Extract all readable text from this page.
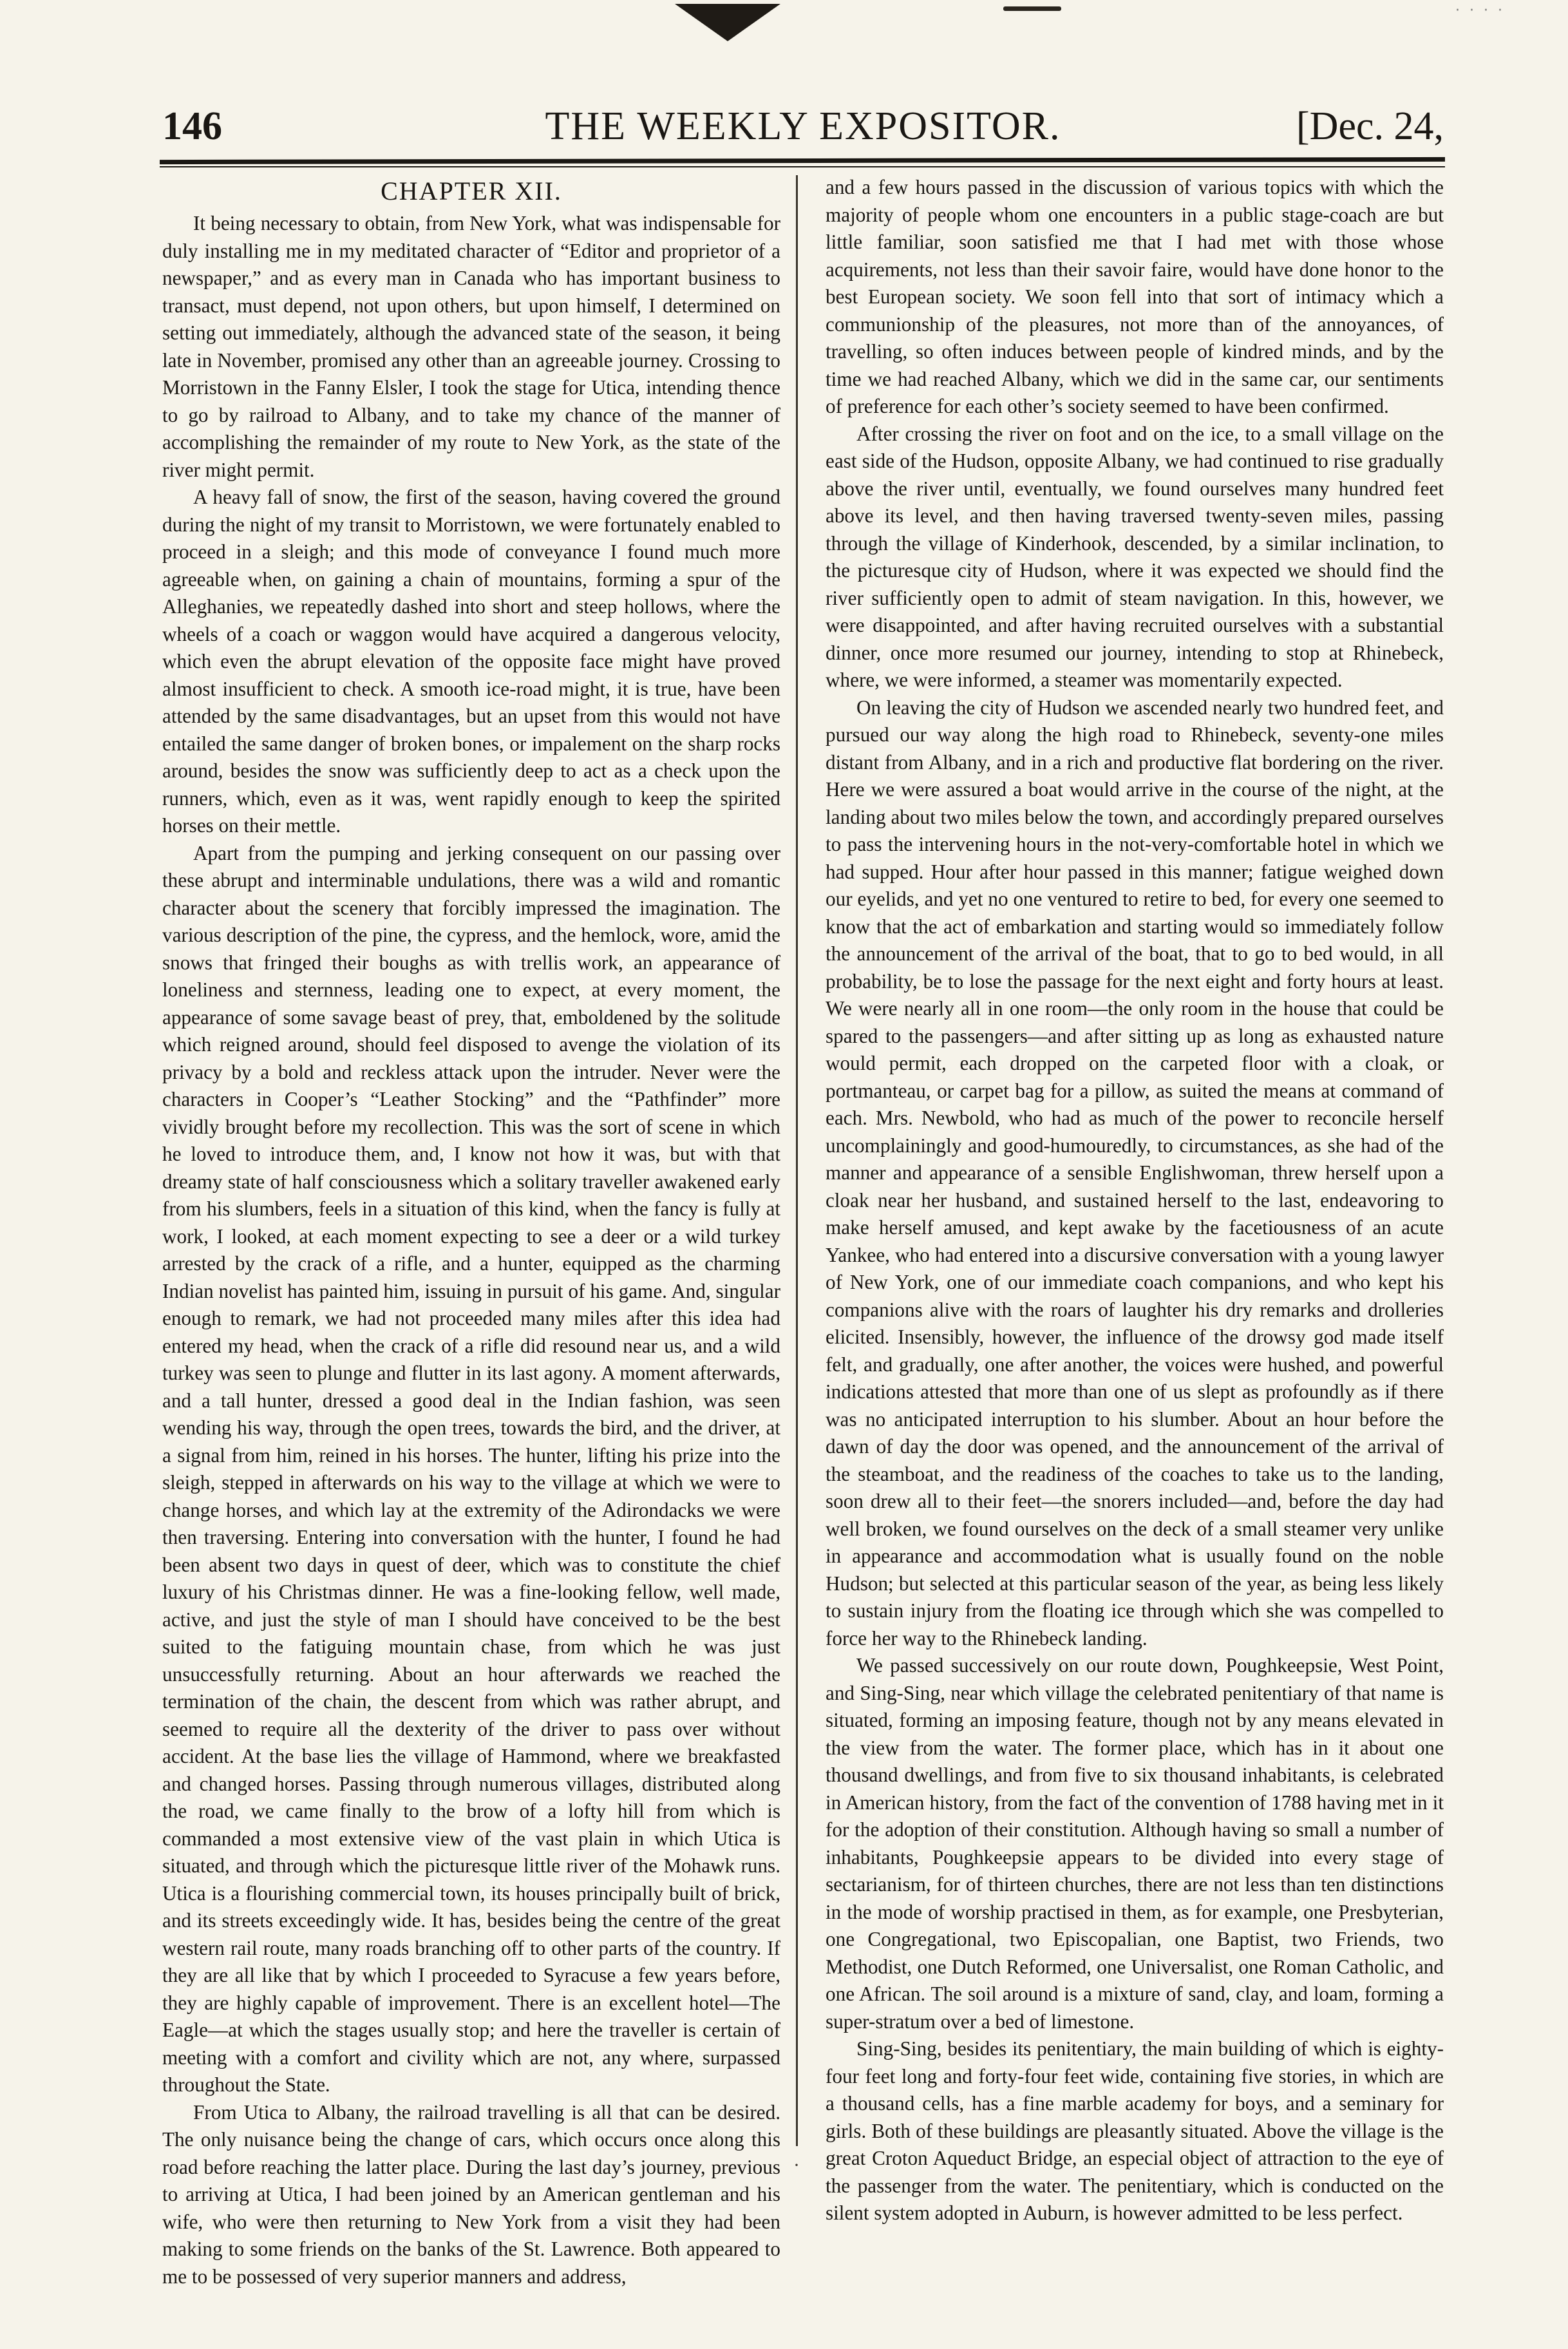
· · · ·
146	THE WEEKLY EXPOSITOR.	[Dec. 24,
CHAPTER XII.

It being necessary to obtain, from New York, what was indispensable for duly installing me in my meditated character of “Editor and proprietor of a newspaper,” and as every man in Canada who has important business to transact, must depend, not upon others, but upon himself, I determined on setting out immediately, although the advanced state of the season, it being late in November, promised any other than an agreeable journey. Crossing to Morristown in the Fanny Elsler, I took the stage for Utica, intending thence to go by railroad to Albany, and to take my chance of the manner of accomplishing the remainder of my route to New York, as the state of the river might permit.

A heavy fall of snow, the first of the season, having covered the ground during the night of my transit to Morristown, we were fortunately enabled to proceed in a sleigh; and this mode of conveyance I found much more agreeable when, on gaining a chain of mountains, forming a spur of the Alleghanies, we repeatedly dashed into short and steep hollows, where the wheels of a coach or waggon would have acquired a dangerous velocity, which even the abrupt elevation of the opposite face might have proved almost insufficient to check. A smooth ice-road might, it is true, have been attended by the same disadvantages, but an upset from this would not have entailed the same danger of broken bones, or impalement on the sharp rocks around, besides the snow was sufficiently deep to act as a check upon the runners, which, even as it was, went rapidly enough to keep the spirited horses on their mettle.

Apart from the pumping and jerking consequent on our passing over these abrupt and interminable undulations, there was a wild and romantic character about the scenery that forcibly impressed the imagination. The various description of the pine, the cypress, and the hemlock, wore, amid the snows that fringed their boughs as with trellis work, an appearance of loneliness and sternness, leading one to expect, at every moment, the appearance of some savage beast of prey, that, emboldened by the solitude which reigned around, should feel disposed to avenge the violation of its privacy by a bold and reckless attack upon the intruder. Never were the characters in Cooper’s “Leather Stocking” and the “Pathfinder” more vividly brought before my recollection. This was the sort of scene in which he loved to introduce them, and, I know not how it was, but with that dreamy state of half consciousness which a solitary traveller awakened early from his slumbers, feels in a situation of this kind, when the fancy is fully at work, I looked, at each moment expecting to see a deer or a wild turkey arrested by the crack of a rifle, and a hunter, equipped as the charming Indian novelist has painted him, issuing in pursuit of his game. And, singular enough to remark, we had not proceeded many miles after this idea had entered my head, when the crack of a rifle did resound near us, and a wild turkey was seen to plunge and flutter in its last agony. A moment afterwards, and a tall hunter, dressed a good deal in the Indian fashion, was seen wending his way, through the open trees, towards the bird, and the driver, at a signal from him, reined in his horses. The hunter, lifting his prize into the sleigh, stepped in afterwards on his way to the village at which we were to change horses, and which lay at the extremity of the Adirondacks we were then traversing. Entering into conversation with the hunter, I found he had been absent two days in quest of deer, which was to constitute the chief luxury of his Christmas dinner. He was a fine-looking fellow, well made, active, and just the style of man I should have conceived to be the best suited to the fatiguing mountain chase, from which he was just unsuccessfully returning. About an hour afterwards we reached the termination of the chain, the descent from which was rather abrupt, and seemed to require all the dexterity of the driver to pass over without accident. At the base lies the village of Hammond, where we breakfasted and changed horses. Passing through numerous villages, distributed along the road, we came finally to the brow of a lofty hill from which is commanded a most extensive view of the vast plain in which Utica is situated, and through which the picturesque little river of the Mohawk runs. Utica is a flourishing commercial town, its houses principally built of brick, and its streets exceedingly wide. It has, besides being the centre of the great western rail route, many roads branching off to other parts of the country. If they are all like that by which I proceeded to Syracuse a few years before, they are highly capable of improvement. There is an excellent hotel—The Eagle—at which the stages usually stop; and here the traveller is certain of meeting with a comfort and civility which are not, any where, surpassed throughout the State.

From Utica to Albany, the railroad travelling is all that can be desired. The only nuisance being the change of cars, which occurs once along this road before reaching the latter place. During the last day’s journey, previous to arriving at Utica, I had been joined by an American gentleman and his wife, who were then returning to New York from a visit they had been making to some friends on the banks of the St. Lawrence. Both appeared to me to be possessed of very superior manners and address,

and a few hours passed in the discussion of various topics with which the majority of people whom one encounters in a public stage-coach are but little familiar, soon satisfied me that I had met with those whose acquirements, not less than their savoir faire, would have done honor to the best European society. We soon fell into that sort of intimacy which a communionship of the pleasures, not more than of the annoyances, of travelling, so often induces between people of kindred minds, and by the time we had reached Albany, which we did in the same car, our sentiments of preference for each other’s society seemed to have been confirmed.

After crossing the river on foot and on the ice, to a small village on the east side of the Hudson, opposite Albany, we had continued to rise gradually above the river until, eventually, we found ourselves many hundred feet above its level, and then having traversed twenty-seven miles, passing through the village of Kinderhook, descended, by a similar inclination, to the picturesque city of Hudson, where it was expected we should find the river sufficiently open to admit of steam navigation. In this, however, we were disappointed, and after having recruited ourselves with a substantial dinner, once more resumed our journey, intending to stop at Rhinebeck, where, we were informed, a steamer was momentarily expected.

On leaving the city of Hudson we ascended nearly two hundred feet, and pursued our way along the high road to Rhinebeck, seventy-one miles distant from Albany, and in a rich and productive flat bordering on the river. Here we were assured a boat would arrive in the course of the night, at the landing about two miles below the town, and accordingly prepared ourselves to pass the intervening hours in the not-very-comfortable hotel in which we had supped. Hour after hour passed in this manner; fatigue weighed down our eyelids, and yet no one ventured to retire to bed, for every one seemed to know that the act of embarkation and starting would so immediately follow the announcement of the arrival of the boat, that to go to bed would, in all probability, be to lose the passage for the next eight and forty hours at least. We were nearly all in one room—the only room in the house that could be spared to the passengers—and after sitting up as long as exhausted nature would permit, each dropped on the carpeted floor with a cloak, or portmanteau, or carpet bag for a pillow, as suited the means at command of each. Mrs. Newbold, who had as much of the power to reconcile herself uncomplainingly and good-humouredly, to circumstances, as she had of the manner and appearance of a sensible Englishwoman, threw herself upon a cloak near her husband, and sustained herself to the last, endeavoring to make herself amused, and kept awake by the facetiousness of an acute Yankee, who had entered into a discursive conversation with a young lawyer of New York, one of our immediate coach companions, and who kept his companions alive with the roars of laughter his dry remarks and drolleries elicited. Insensibly, however, the influence of the drowsy god made itself felt, and gradually, one after another, the voices were hushed, and powerful indications attested that more than one of us slept as profoundly as if there was no anticipated interruption to his slumber. About an hour before the dawn of day the door was opened, and the announcement of the arrival of the steamboat, and the readiness of the coaches to take us to the landing, soon drew all to their feet—the snorers included—and, before the day had well broken, we found ourselves on the deck of a small steamer very unlike in appearance and accommodation what is usually found on the noble Hudson; but selected at this particular season of the year, as being less likely to sustain injury from the floating ice through which she was compelled to force her way to the Rhinebeck landing.

We passed successively on our route down, Poughkeepsie, West Point, and Sing-Sing, near which village the celebrated penitentiary of that name is situated, forming an imposing feature, though not by any means elevated in the view from the water. The former place, which has in it about one thousand dwellings, and from five to six thousand inhabitants, is celebrated in American history, from the fact of the convention of 1788 having met in it for the adoption of their constitution. Although having so small a number of inhabitants, Poughkeepsie appears to be divided into every stage of sectarianism, for of thirteen churches, there are not less than ten distinctions in the mode of worship practised in them, as for example, one Presbyterian, one Congregational, two Episcopalian, one Baptist, two Friends, two Methodist, one Dutch Reformed, one Universalist, one Roman Catholic, and one African. The soil around is a mixture of sand, clay, and loam, forming a super-stratum over a bed of limestone.

Sing-Sing, besides its penitentiary, the main building of which is eighty-four feet long and forty-four feet wide, containing five stories, in which are a thousand cells, has a fine marble academy for boys, and a seminary for girls. Both of these buildings are pleasantly situated. Above the village is the great Croton Aqueduct Bridge, an especial object of attraction to the eye of the passenger from the water. The penitentiary, which is conducted on the silent system adopted in Auburn, is however admitted to be less perfect.

·
